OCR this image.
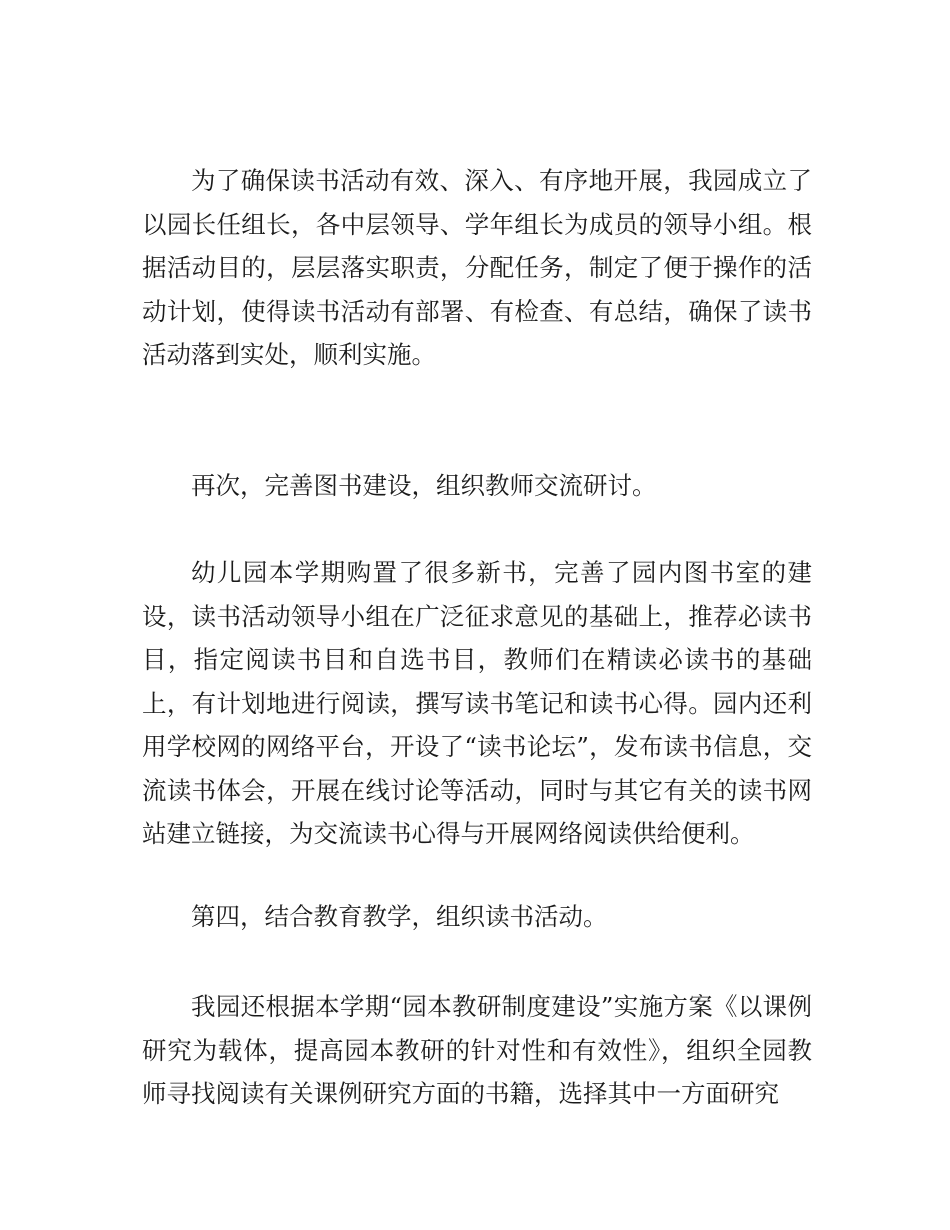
为了确保读书活动有效、深入、有序地开展，我园成立了以园长任组长，各中层领导、学年组长为成员的领导小组。根据活动目的，层层落实职责，分配任务，制定了便于操作的活动计划，使得读书活动有部署、有检查、有总结，确保了读书活动落到实处，顺利实施。

再次，完善图书建设，组织教师交流研讨。

幼儿园本学期购置了很多新书，完善了园内图书室的建设，读书活动领导小组在广泛征求意见的基础上，推荐必读书目，指定阅读书目和自选书目，教师们在精读必读书的基础上，有计划地进行阅读，撰写读书笔记和读书心得。园内还利用学校网的网络平台，开设了“读书论坛”，发布读书信息，交流读书体会，开展在线讨论等活动，同时与其它有关的读书网站建立链接，为交流读书心得与开展网络阅读供给便利。

第四，结合教育教学，组织读书活动。

我园还根据本学期“园本教研制度建设”实施方案《以课例研究为载体，提高园本教研的针对性和有效性》，组织全园教师寻找阅读有关课例研究方面的书籍，选择其中一方面研究
